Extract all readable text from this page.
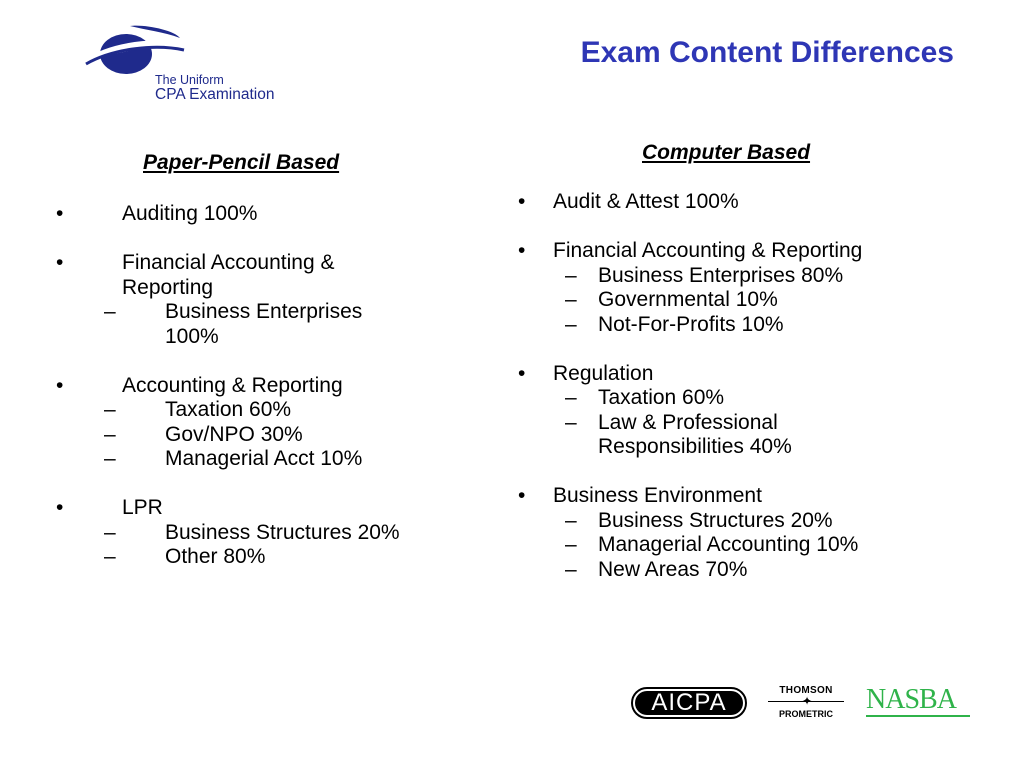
The Uniform
CPA Examination
Exam Content Differences
Paper-Pencil Based
•	Auditing 100%
•	Financial Accounting &
Reporting
– Business Enterprises
100%
•	Accounting & Reporting
– Taxation 60%
– Gov/NPO 30%
– Managerial Acct 10%
•	LPR
– Business Structures 20%
– Other 80%
Computer Based
• Audit & Attest 100%
• Financial Accounting & Reporting
– Business Enterprises 80%
– Governmental 10%
– Not-For-Profits 10%
• Regulation
– Taxation 60%
– Law & Professional
Responsibilities 40%
• Business Environment
– Business Structures 20%
– Managerial Accounting 10%
– New Areas 70%
AICPA	THOMSON
✦
PROMETRIC	NASBA
